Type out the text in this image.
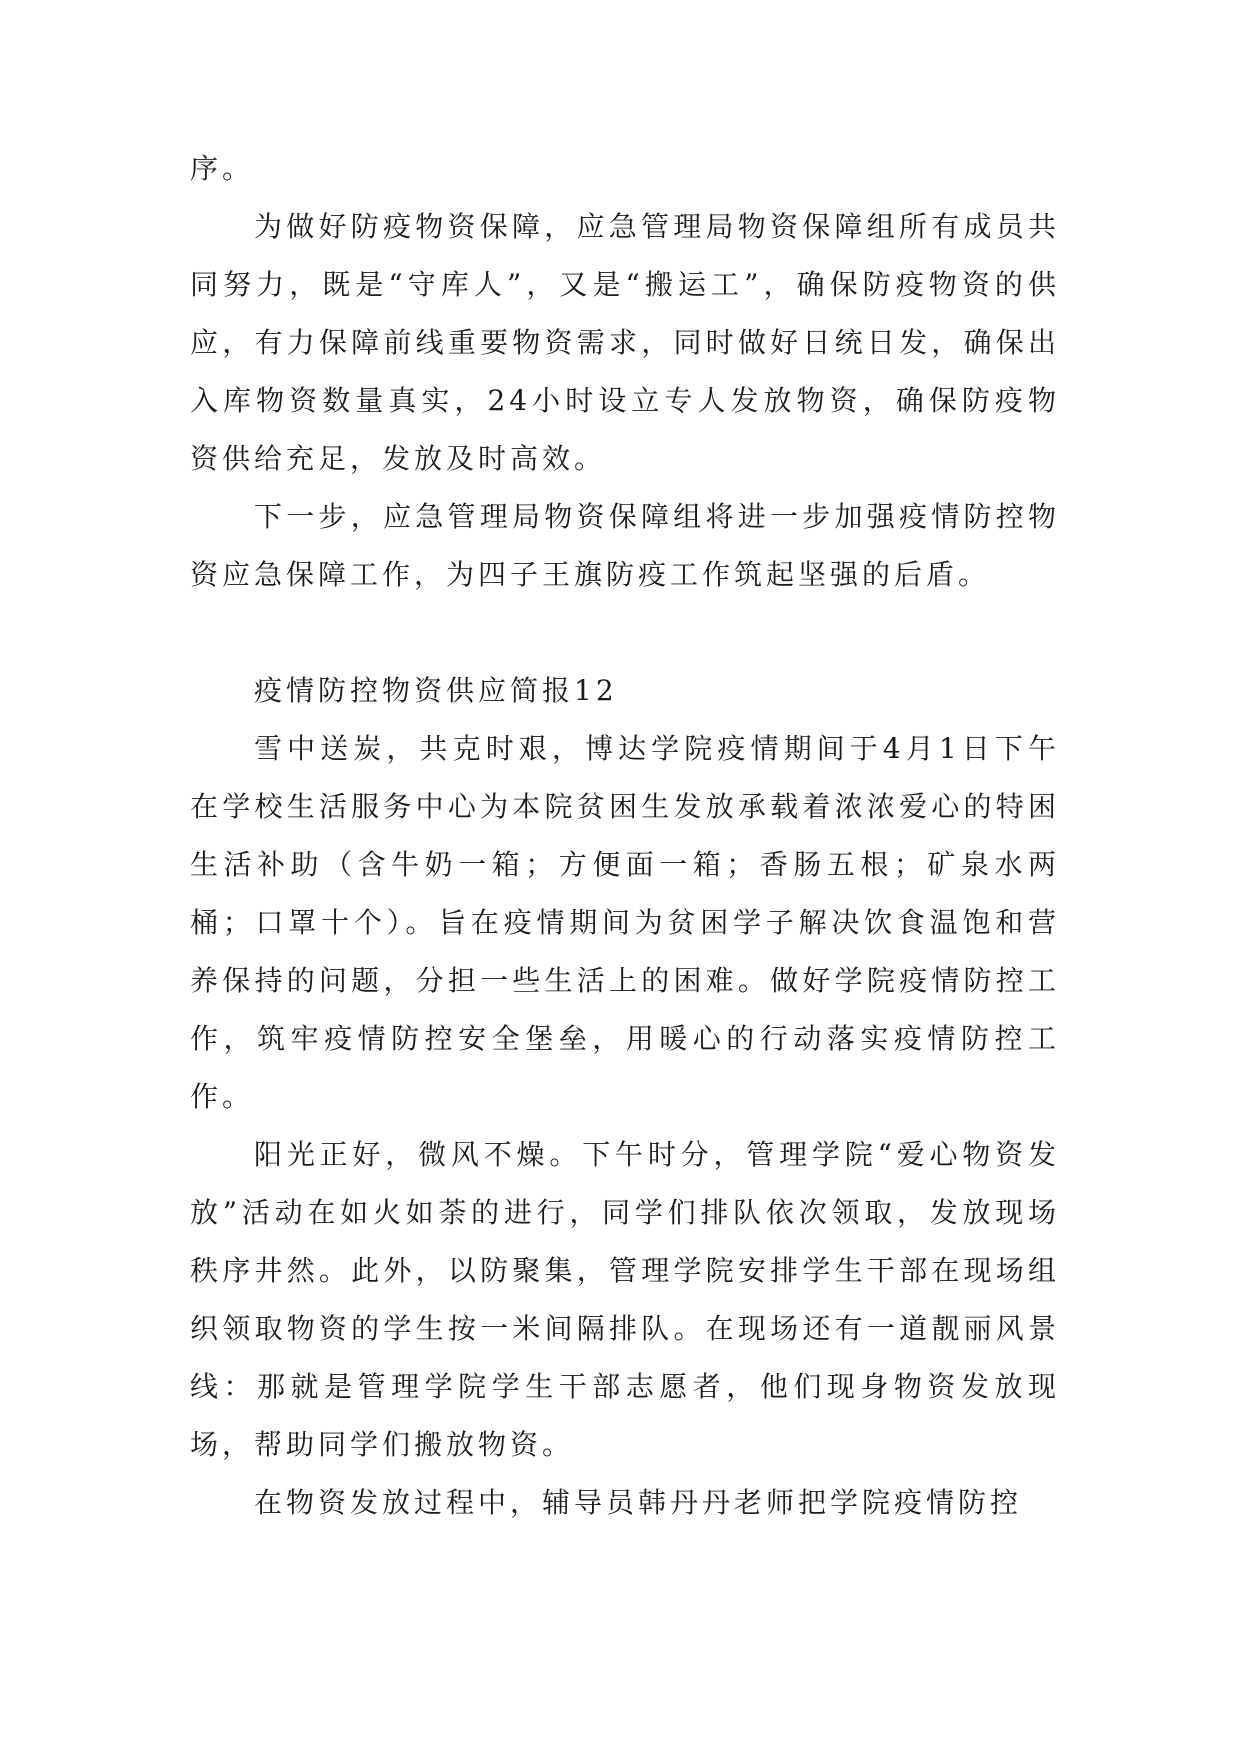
序。

为做好防疫物资保障，应急管理局物资保障组所有成员共同努力，既是“守库人”，又是“搬运工”，确保防疫物资的供应，有力保障前线重要物资需求，同时做好日统日发，确保出入库物资数量真实，24小时设立专人发放物资，确保防疫物资供给充足，发放及时高效。

下一步，应急管理局物资保障组将进一步加强疫情防控物资应急保障工作，为四子王旗防疫工作筑起坚强的后盾。

疫情防控物资供应简报12

雪中送炭，共克时艰，博达学院疫情期间于4月1日下午在学校生活服务中心为本院贫困生发放承载着浓浓爱心的特困生活补助（含牛奶一箱；方便面一箱；香肠五根；矿泉水两桶；口罩十个）。旨在疫情期间为贫困学子解决饮食温饱和营养保持的问题，分担一些生活上的困难。做好学院疫情防控工作，筑牢疫情防控安全堡垒，用暖心的行动落实疫情防控工作。

阳光正好，微风不燥。下午时分，管理学院“爱心物资发放”活动在如火如荼的进行，同学们排队依次领取，发放现场秩序井然。此外，以防聚集，管理学院安排学生干部在现场组织领取物资的学生按一米间隔排队。在现场还有一道靓丽风景线：那就是管理学院学生干部志愿者，他们现身物资发放现场，帮助同学们搬放物资。

在物资发放过程中，辅导员韩丹丹老师把学院疫情防控
